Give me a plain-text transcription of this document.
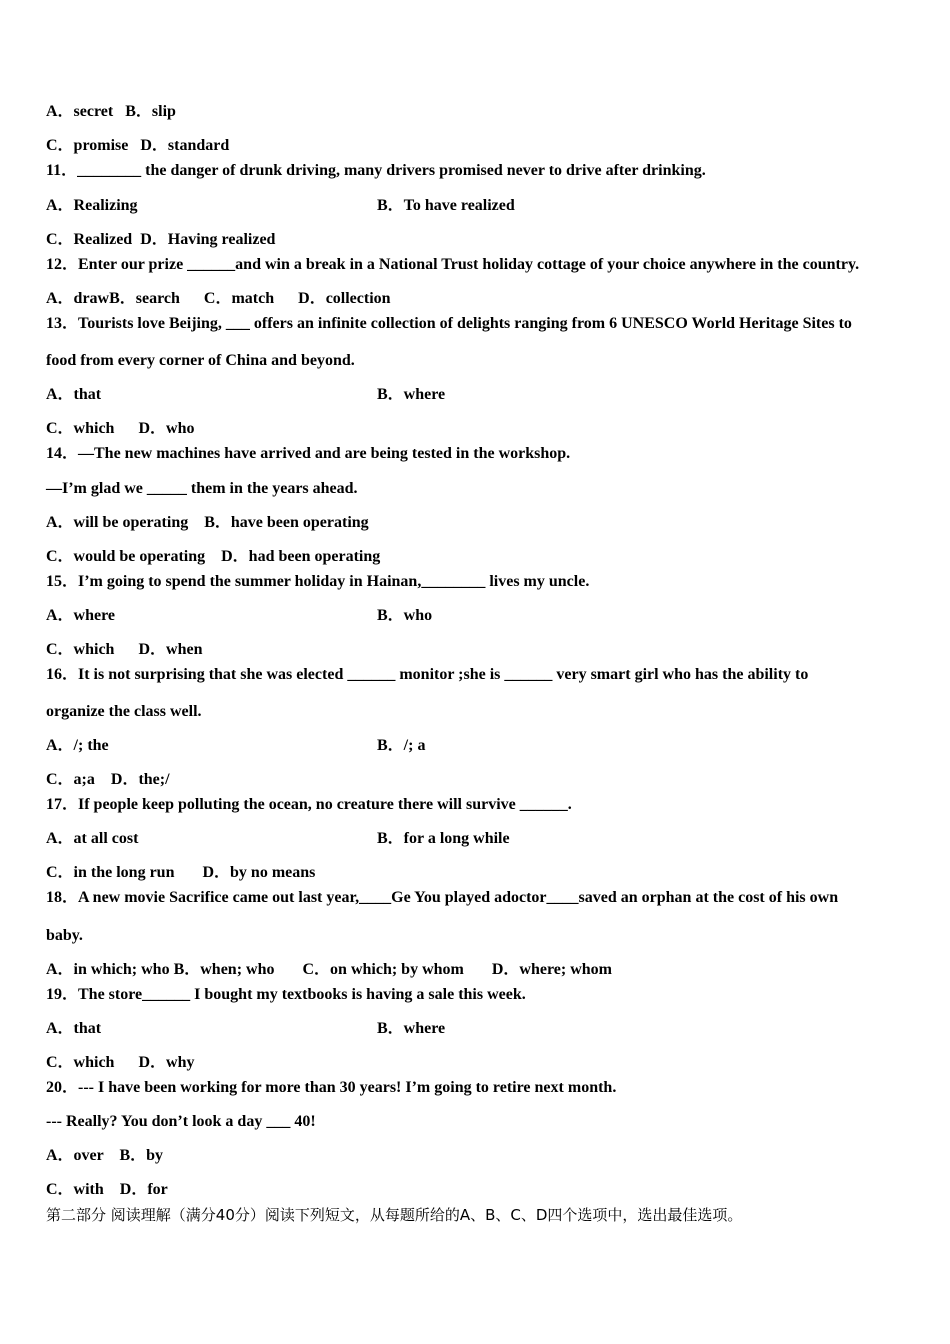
A．secret   B．slip
C．promise   D．standard
11．________ the danger of drunk driving, many drivers promised never to drive after drinking.
A．Realizing	B．To have realized
C．Realized  D．Having realized
12．Enter our prize ______and win a break in a National Trust holiday cottage of your choice anywhere in the country.
A．drawB．search      C．match      D．collection
13．Tourists love Beijing, ___ offers an infinite collection of delights ranging from 6 UNESCO World Heritage Sites to
food from every corner of China and beyond.
A．that	B．where
C．which      D．who
14．—The new machines have arrived and are being tested in the workshop.
—I’m glad we _____ them in the years ahead.
A．will be operating    B．have been operating
C．would be operating    D．had been operating
15．I’m going to spend the summer holiday in Hainan,________ lives my uncle.
A．where	B．who
C．which      D．when
16．It is not surprising that she was elected ______ monitor ;she is ______ very smart girl who has the ability to
organize the class well.
A．/; the	B．/; a
C．a;a    D．the;/
17．If people keep polluting the ocean, no creature there will survive ______.
A．at all cost	B．for a long while
C．in the long run       D．by no means
18．A new movie Sacrifice came out last year,____Ge You played adoctor____saved an orphan at the cost of his own
baby.
A．in which; who B．when; who       C．on which; by whom       D．where; whom
19．The store______ I bought my textbooks is having a sale this week.
A．that	B．where
C．which      D．why
20．--- I have been working for more than 30 years! I’m going to retire next month.
--- Really? You don’t look a day ___ 40!
A．over    B．by
C．with    D．for
第二部分 阅读理解（满分40分）阅读下列短文，从每题所给的A、B、C、D四个选项中，选出最佳选项。
